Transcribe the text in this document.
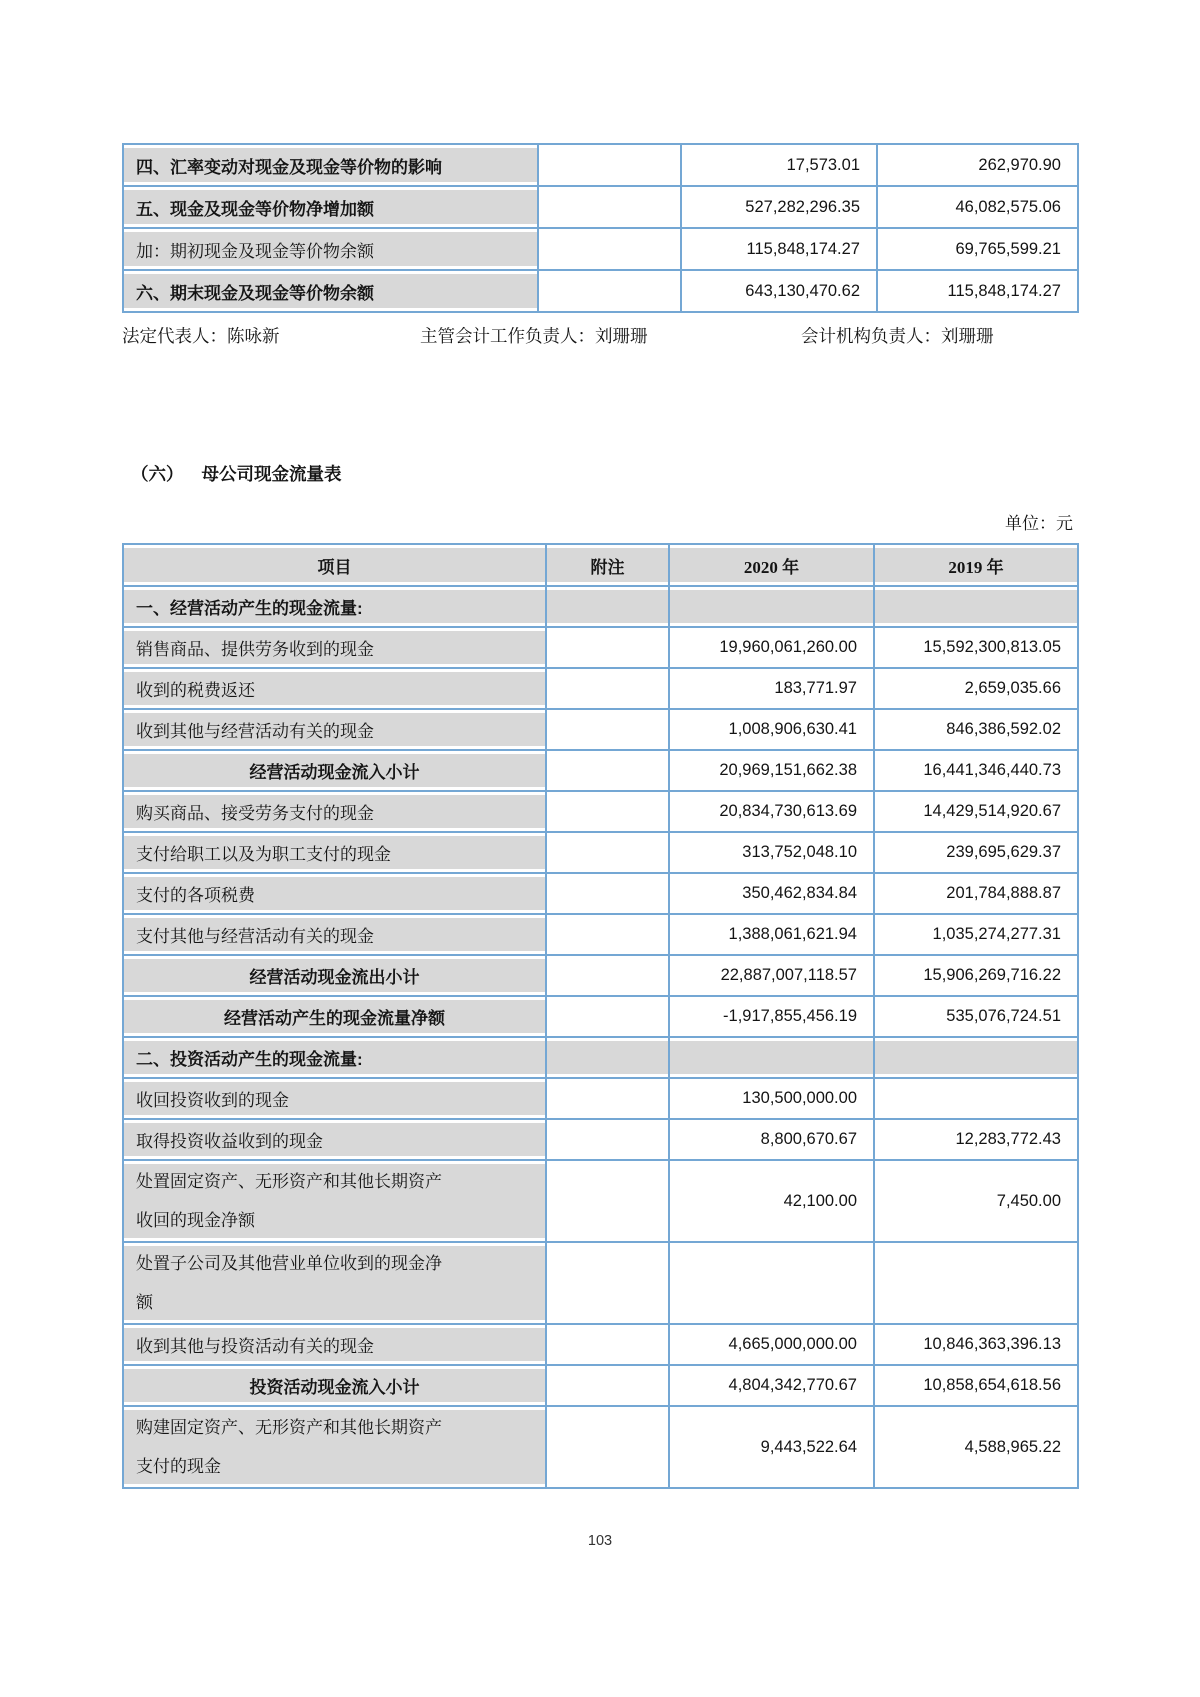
四、汇率变动对现金及现金等价物的影响		17,573.01	262,970.90
五、现金及现金等价物净增加额		527,282,296.35	46,082,575.06
加：期初现金及现金等价物余额		115,848,174.27	69,765,599.21
六、期末现金及现金等价物余额		643,130,470.62	115,848,174.27
法定代表人：陈咏新	主管会计工作负责人：刘珊珊	会计机构负责人：刘珊珊
（六） 母公司现金流量表
单位：元
项目	附注	2020 年	2019 年
一、经营活动产生的现金流量:			
销售商品、提供劳务收到的现金		19,960,061,260.00	15,592,300,813.05
收到的税费返还		183,771.97	2,659,035.66
收到其他与经营活动有关的现金		1,008,906,630.41	846,386,592.02
经营活动现金流入小计		20,969,151,662.38	16,441,346,440.73
购买商品、接受劳务支付的现金		20,834,730,613.69	14,429,514,920.67
支付给职工以及为职工支付的现金		313,752,048.10	239,695,629.37
支付的各项税费		350,462,834.84	201,784,888.87
支付其他与经营活动有关的现金		1,388,061,621.94	1,035,274,277.31
经营活动现金流出小计		22,887,007,118.57	15,906,269,716.22
经营活动产生的现金流量净额		-1,917,855,456.19	535,076,724.51
二、投资活动产生的现金流量:			
收回投资收到的现金		130,500,000.00	
取得投资收益收到的现金		8,800,670.67	12,283,772.43

处置固定资产、无形资产和其他长期资产
收回的现金净额		42,100.00	7,450.00

处置子公司及其他营业单位收到的现金净
额			

收到其他与投资活动有关的现金		4,665,000,000.00	10,846,363,396.13
投资活动现金流入小计		4,804,342,770.67	10,858,654,618.56

购建固定资产、无形资产和其他长期资产
支付的现金		9,443,522.64	4,588,965.22
103
